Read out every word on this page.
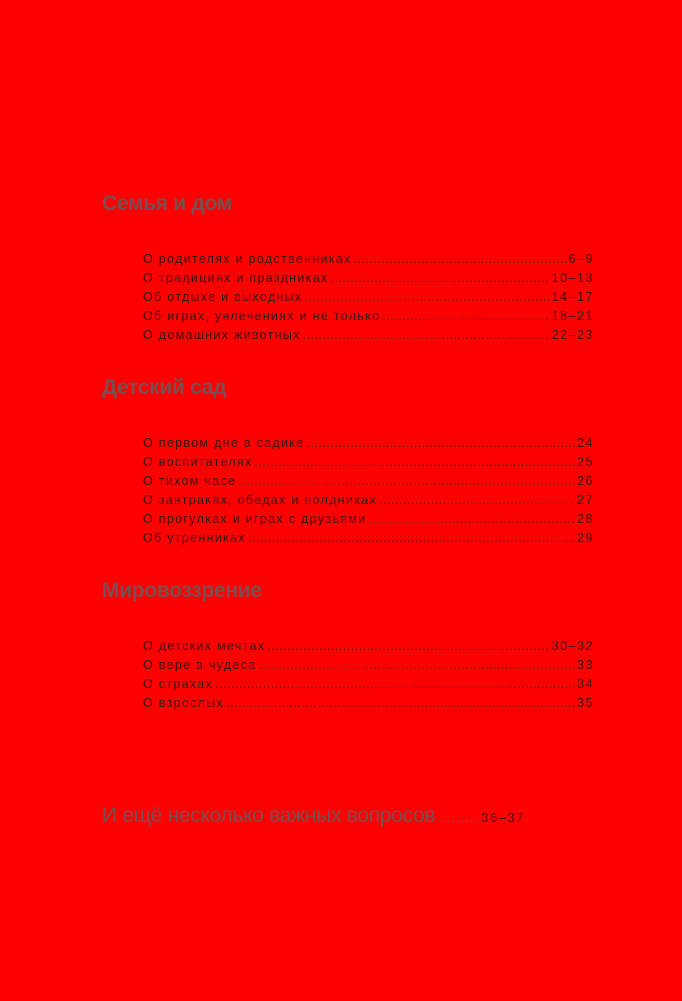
Семья и дом
О родителях и родственниках .....	6–9
О традициях и праздниках .....	10–13
Об отдыхе и выходных .....	14–17
Об играх, увлечениях и не только .....	18–21
О домашних животных .....	22–23
Детский сад
О первом дне в садике .....	24
О воспитателях .....	25
О тихом часе .....	26
О завтраках, обедах и полдниках .....	27
О прогулках и играх с друзьями .....	28
Об утренниках .....	29
Мировоззрение
О детских мечтах .....	30–32
О вере в чудеса .....	33
О страхах .....	34
О взрослых .....	35
И ещё несколько важных вопросов .....	36–37
